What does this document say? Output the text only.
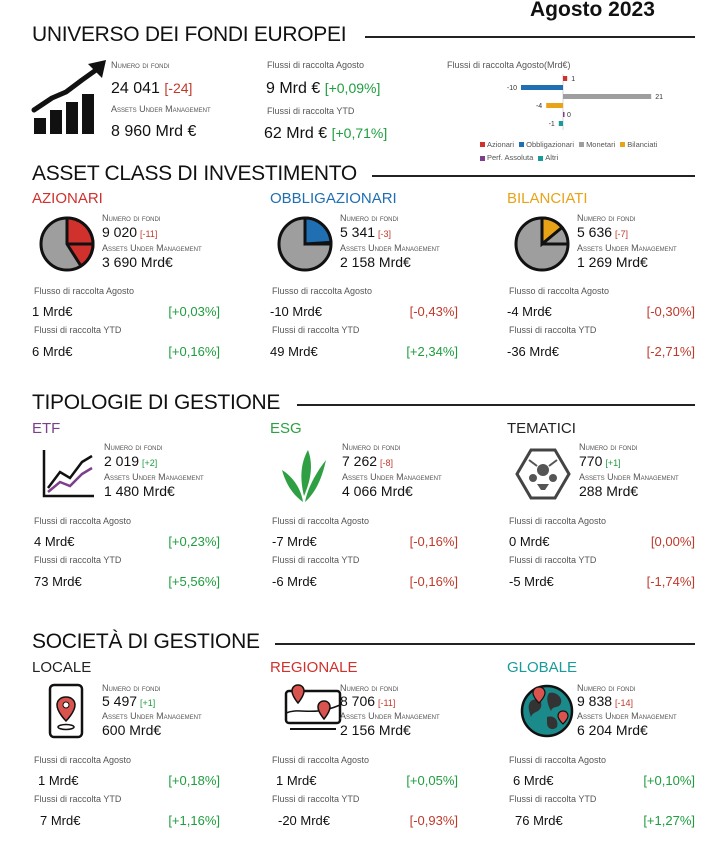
Agosto 2023
UNIVERSO DEI FONDI EUROPEI
Numero di fondi
24 041 [-24]
Assets Under Management
8 960 Mrd €
Flussi di raccolta Agosto
9 Mrd € [+0,09%]
Flussi di raccolta YTD
62 Mrd € [+0,71%]
Flussi di raccolta Agosto(Mrd€)
1
-10
21
-4
0
-1
Azionari Obbligazionari Monetari Bilanciati
Perf. Assoluta Altri
ASSET CLASS DI INVESTIMENTO
AZIONARI
Numero di fondi
9 020 [-11]
Assets Under Management
3 690 Mrd€
Flusso di raccolta Agosto
1 Mrd€	[+0,03%]
Flussi di raccolta YTD
6 Mrd€	[+0,16%]
OBBLIGAZIONARI
Numero di fondi
5 341 [-3]
Assets Under Management
2 158 Mrd€
Flusso di raccolta Agosto
-10 Mrd€	[-0,43%]
Flussi di raccolta YTD
49 Mrd€	[+2,34%]
BILANCIATI
Numero di fondi
5 636 [-7]
Assets Under Management
1 269 Mrd€
Flusso di raccolta Agosto
-4 Mrd€	[-0,30%]
Flussi di raccolta YTD
-36 Mrd€	[-2,71%]
TIPOLOGIE DI GESTIONE
ETF
Numero di fondi
2 019 [+2]
Assets Under Management
1 480 Mrd€
Flussi di raccolta Agosto
4 Mrd€	[+0,23%]
Flussi di raccolta YTD
73 Mrd€	[+5,56%]
ESG
Numero di fondi
7 262 [-8]
Assets Under Management
4 066 Mrd€
Flussi di raccolta Agosto
-7 Mrd€	[-0,16%]
Flussi di raccolta YTD
-6 Mrd€	[-0,16%]
TEMATICI
Numero di fondi
770 [+1]
Assets Under Management
288 Mrd€
Flussi di raccolta Agosto
0 Mrd€	[0,00%]
Flussi di raccolta YTD
-5 Mrd€	[-1,74%]
SOCIETÀ DI GESTIONE
LOCALE
Numero di fondi
5 497 [+1]
Assets Under Management
600 Mrd€
Flussi di raccolta Agosto
1 Mrd€	[+0,18%]
Flussi di raccolta YTD
7 Mrd€	[+1,16%]
REGIONALE
Numero di fondi
8 706 [-11]
Assets Under Management
2 156 Mrd€
Flussi di raccolta Agosto
1 Mrd€	[+0,05%]
Flussi di raccolta YTD
-20 Mrd€	[-0,93%]
GLOBALE
Numero di fondi
9 838 [-14]
Assets Under Management
6 204 Mrd€
Flussi di raccolta Agosto
6 Mrd€	[+0,10%]
Flussi di raccolta YTD
76 Mrd€	[+1,27%]
